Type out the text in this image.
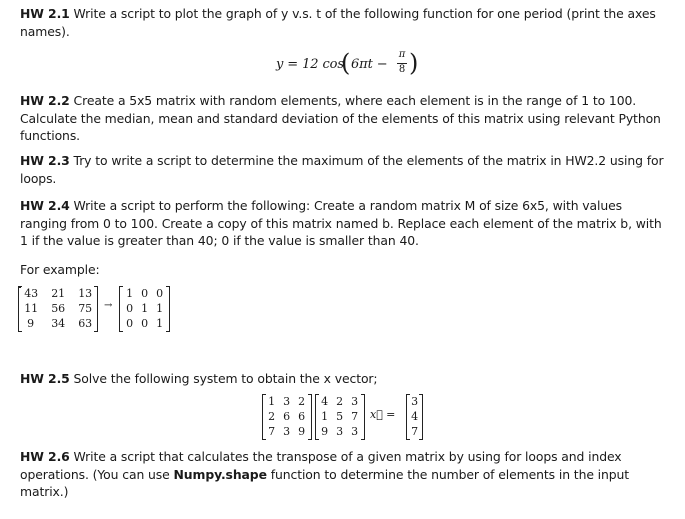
HW 2.1 Write a script to plot the graph of y v.s. t of the following function for one period (print the axes names).
y = 12 cos
( 6πt −
π
8 )
HW 2.2 Create a 5x5 matrix with random elements, where each element is in the range of 1 to 100. Calculate the median, mean and standard deviation of the elements of this matrix using relevant Python functions.
HW 2.3 Try to write a script to determine the maximum of the elements of the matrix in HW2.2 using for loops.
HW 2.4 Write a script to perform the following: Create a random matrix M of size 6x5, with values ranging from 0 to 100. Create a copy of this matrix named b. Replace each element of the matrix b, with 1 if the value is greater than 40; 0 if the value is smaller than 40.
For example:
43 21 13
11 56 75
9 34 63
→
1 0 0
0 1 1
0 0 1
HW 2.5 Solve the following system to obtain the x vector;
1 3 2
2 6 6
7 3 9
4 2 3
1 5 7
9 3 3
x⃗ =
3
4
7
HW 2.6 Write a script that calculates the transpose of a given matrix by using for loops and index operations. (You can use Numpy.shape function to determine the number of elements in the input matrix.)
